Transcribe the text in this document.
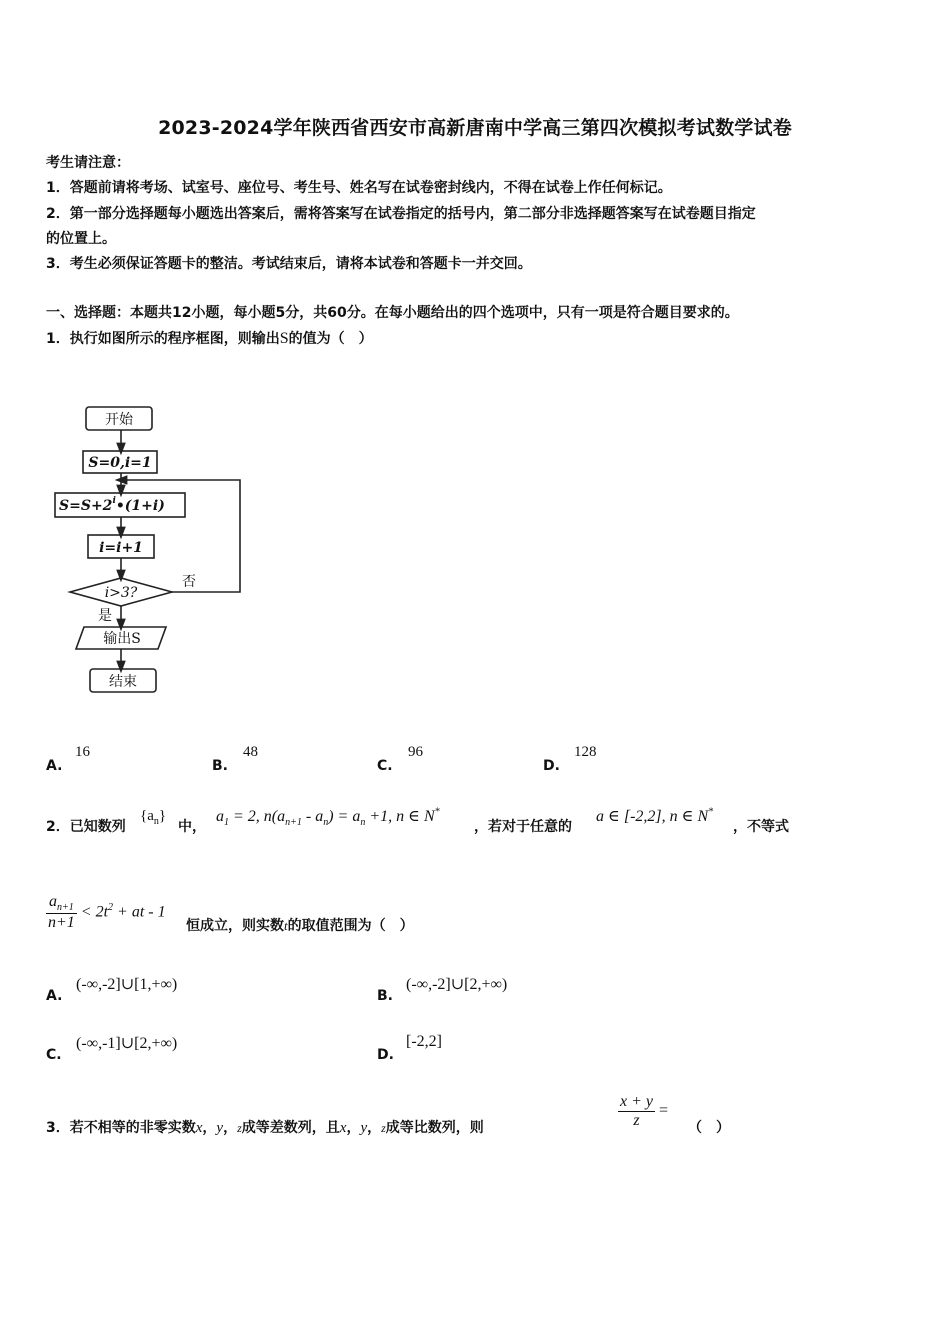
2023-2024学年陕西省西安市高新唐南中学高三第四次模拟考试数学试卷
考生请注意：
1．答题前请将考场、试室号、座位号、考生号、姓名写在试卷密封线内，不得在试卷上作任何标记。
2．第一部分选择题每小题选出答案后，需将答案写在试卷指定的括号内，第二部分非选择题答案写在试卷题目指定
的位置上。
3．考生必须保证答题卡的整洁。考试结束后，请将本试卷和答题卡一并交回。
一、选择题：本题共12小题，每小题5分，共60分。在每小题给出的四个选项中，只有一项是符合题目要求的。
1．执行如图所示的程序框图，则输出S的值为（　）
开始
S=0,i=1
$S=S+2^i•(1+i)$
i=i+1
i>3?
否
是
输出S
结束
A.
16
B.
48
C.
96
D.
128
2．已知数列
$\{a_n\}$
中，
$a_1 = 2$, $n(a_{n+1} - a_n) = a_n +1$, n ∈ N*
，若对于任意的
a ∈ [-2,2], n ∈ N*
，不等式
$\frac{a_{n+1}}{n+1} < 2t^2$ + at - 1
恒成立，则实数t的取值范围为（　）
A.
(-∞,-2]∪[1,+∞)
B.
(-∞,-2]∪[2,+∞)
C.
(-∞,-1]∪[2,+∞)
D.
[-2,2]
3．若不相等的非零实数x，y，z成等差数列，且x，y，z成等比数列，则	$\frac{x + y}{z}$ =
（　）
